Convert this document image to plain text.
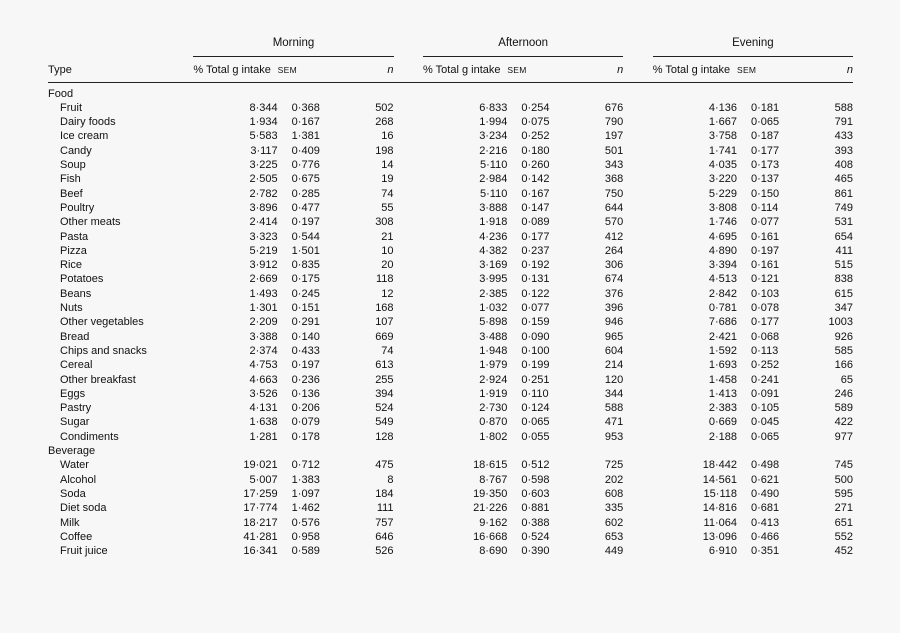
	Morning				Afternoon				Evening		
Type	% Total g intake	SEM	n		% Total g intake	SEM	n		% Total g intake	SEM	n
Food											
Fruit	8·344	0·368	502		6·833	0·254	676		4·136	0·181	588
Dairy foods	1·934	0·167	268		1·994	0·075	790		1·667	0·065	791
Ice cream	5·583	1·381	16		3·234	0·252	197		3·758	0·187	433
Candy	3·117	0·409	198		2·216	0·180	501		1·741	0·177	393
Soup	3·225	0·776	14		5·110	0·260	343		4·035	0·173	408
Fish	2·505	0·675	19		2·984	0·142	368		3·220	0·137	465
Beef	2·782	0·285	74		5·110	0·167	750		5·229	0·150	861
Poultry	3·896	0·477	55		3·888	0·147	644		3·808	0·114	749
Other meats	2·414	0·197	308		1·918	0·089	570		1·746	0·077	531
Pasta	3·323	0·544	21		4·236	0·177	412		4·695	0·161	654
Pizza	5·219	1·501	10		4·382	0·237	264		4·890	0·197	411
Rice	3·912	0·835	20		3·169	0·192	306		3·394	0·161	515
Potatoes	2·669	0·175	118		3·995	0·131	674		4·513	0·121	838
Beans	1·493	0·245	12		2·385	0·122	376		2·842	0·103	615
Nuts	1·301	0·151	168		1·032	0·077	396		0·781	0·078	347
Other vegetables	2·209	0·291	107		5·898	0·159	946		7·686	0·177	1003
Bread	3·388	0·140	669		3·488	0·090	965		2·421	0·068	926
Chips and snacks	2·374	0·433	74		1·948	0·100	604		1·592	0·113	585
Cereal	4·753	0·197	613		1·979	0·199	214		1·693	0·252	166
Other breakfast	4·663	0·236	255		2·924	0·251	120		1·458	0·241	65
Eggs	3·526	0·136	394		1·919	0·110	344		1·413	0·091	246
Pastry	4·131	0·206	524		2·730	0·124	588		2·383	0·105	589
Sugar	1·638	0·079	549		0·870	0·065	471		0·669	0·045	422
Condiments	1·281	0·178	128		1·802	0·055	953		2·188	0·065	977
Beverage											
Water	19·021	0·712	475		18·615	0·512	725		18·442	0·498	745
Alcohol	5·007	1·383	8		8·767	0·598	202		14·561	0·621	500
Soda	17·259	1·097	184		19·350	0·603	608		15·118	0·490	595
Diet soda	17·774	1·462	111		21·226	0·881	335		14·816	0·681	271
Milk	18·217	0·576	757		9·162	0·388	602		11·064	0·413	651
Coffee	41·281	0·958	646		16·668	0·524	653		13·096	0·466	552
Fruit juice	16·341	0·589	526		8·690	0·390	449		6·910	0·351	452
